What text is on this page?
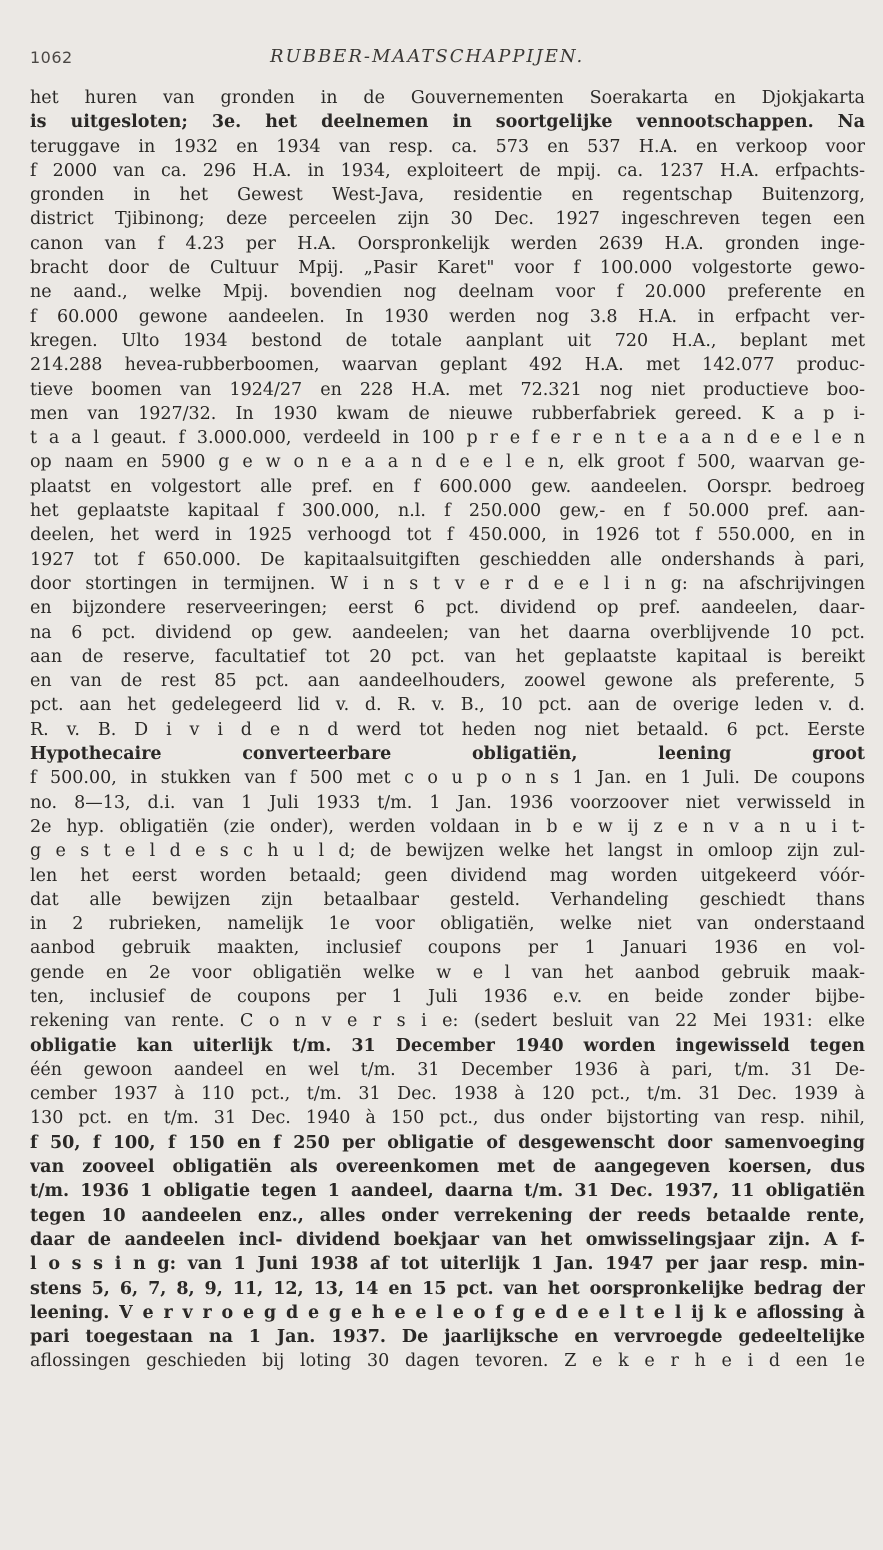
1062	RUBBER-MAATSCHAPPIJEN.
het huren van gronden in de Gouvernementen Soerakarta en Djokjakarta
is uitgesloten; 3e. het deelnemen in soortgelijke vennootschappen. Na
teruggave in 1932 en 1934 van resp. ca. 573 en 537 H.A. en verkoop voor
f 2000 van ca. 296 H.A. in 1934, exploiteert de mpij. ca. 1237 H.A. erfpachts-
gronden in het Gewest West-Java, residentie en regentschap Buitenzorg,
district Tjibinong; deze perceelen zijn 30 Dec. 1927 ingeschreven tegen een
canon van f 4.23 per H.A. Oorspronkelijk werden 2639 H.A. gronden inge-
bracht door de Cultuur Mpij. „Pasir Karet" voor f 100.000 volgestorte gewo-
ne aand., welke Mpij. bovendien nog deelnam voor f 20.000 preferente en
f 60.000 gewone aandeelen. In 1930 werden nog 3.8 H.A. in erfpacht ver-
kregen. Ulto 1934 bestond de totale aanplant uit 720 H.A., beplant met
214.288 hevea-rubberboomen, waarvan geplant 492 H.A. met 142.077 produc-
tieve boomen van 1924/27 en 228 H.A. met 72.321 nog niet productieve boo-
men van 1927/32. In 1930 kwam de nieuwe rubberfabriek gereed. K a p i-
t a a l geaut. f 3.000.000, verdeeld in 100 p r e f e r e n t e a a n d e e l e n
op naam en 5900 g e w o n e a a n d e e l e n, elk groot f 500, waarvan ge-
plaatst en volgestort alle pref. en f 600.000 gew. aandeelen. Oorspr. bedroeg
het geplaatste kapitaal f 300.000, n.l. f 250.000 gew,- en f 50.000 pref. aan-
deelen, het werd in 1925 verhoogd tot f 450.000, in 1926 tot f 550.000, en in
1927 tot f 650.000. De kapitaalsuitgiften geschiedden alle ondershands à pari,
door stortingen in termijnen. W i n s t v e r d e e l i n g: na afschrijvingen
en bijzondere reserveeringen; eerst 6 pct. dividend op pref. aandeelen, daar-
na 6 pct. dividend op gew. aandeelen; van het daarna overblijvende 10 pct.
aan de reserve, facultatief tot 20 pct. van het geplaatste kapitaal is bereikt
en van de rest 85 pct. aan aandeelhouders, zoowel gewone als preferente, 5
pct. aan het gedelegeerd lid v. d. R. v. B., 10 pct. aan de overige leden v. d.
R. v. B. D i v i d e n d werd tot heden nog niet betaald. 6 pct. Eerste
Hypothecaire converteerbare obligatiën, leening groot
f 500.00, in stukken van f 500 met c o u p o n s 1 Jan. en 1 Juli. De coupons
no. 8—13, d.i. van 1 Juli 1933 t/m. 1 Jan. 1936 voorzoover niet verwisseld in
2e hyp. obligatiën (zie onder), werden voldaan in b e w ij z e n v a n u i t-
g e s t e l d e s c h u l d; de bewijzen welke het langst in omloop zijn zul-
len het eerst worden betaald; geen dividend mag worden uitgekeerd vóór-
dat alle bewijzen zijn betaalbaar gesteld. Verhandeling geschiedt thans
in 2 rubrieken, namelijk 1e voor obligatiën, welke niet van onderstaand
aanbod gebruik maakten, inclusief coupons per 1 Januari 1936 en vol-
gende en 2e voor obligatiën welke w e l van het aanbod gebruik maak-
ten, inclusief de coupons per 1 Juli 1936 e.v. en beide zonder bijbe-
rekening van rente. C o n v e r s i e: (sedert besluit van 22 Mei 1931: elke
obligatie kan uiterlijk t/m. 31 December 1940 worden ingewisseld tegen
één gewoon aandeel en wel t/m. 31 December 1936 à pari, t/m. 31 De-
cember 1937 à 110 pct., t/m. 31 Dec. 1938 à 120 pct., t/m. 31 Dec. 1939 à
130 pct. en t/m. 31 Dec. 1940 à 150 pct., dus onder bijstorting van resp. nihil,
f 50, f 100, f 150 en f 250 per obligatie of desgewenscht door samenvoeging
van zooveel obligatiën als overeenkomen met de aangegeven koersen, dus
t/m. 1936 1 obligatie tegen 1 aandeel, daarna t/m. 31 Dec. 1937, 11 obligatiën
tegen 10 aandeelen enz., alles onder verrekening der reeds betaalde rente,
daar de aandeelen incl- dividend boekjaar van het omwisselingsjaar zijn. A f-
l o s s i n g: van 1 Juni 1938 af tot uiterlijk 1 Jan. 1947 per jaar resp. min-
stens 5, 6, 7, 8, 9, 11, 12, 13, 14 en 15 pct. van het oorspronkelijke bedrag der
leening. V e r v r o e g d e g e h e e l e o f g e d e e l t e l ij k e aflossing à
pari toegestaan na 1 Jan. 1937. De jaarlijksche en vervroegde gedeeltelijke
aflossingen geschieden bij loting 30 dagen tevoren. Z e k e r h e i d een 1e
